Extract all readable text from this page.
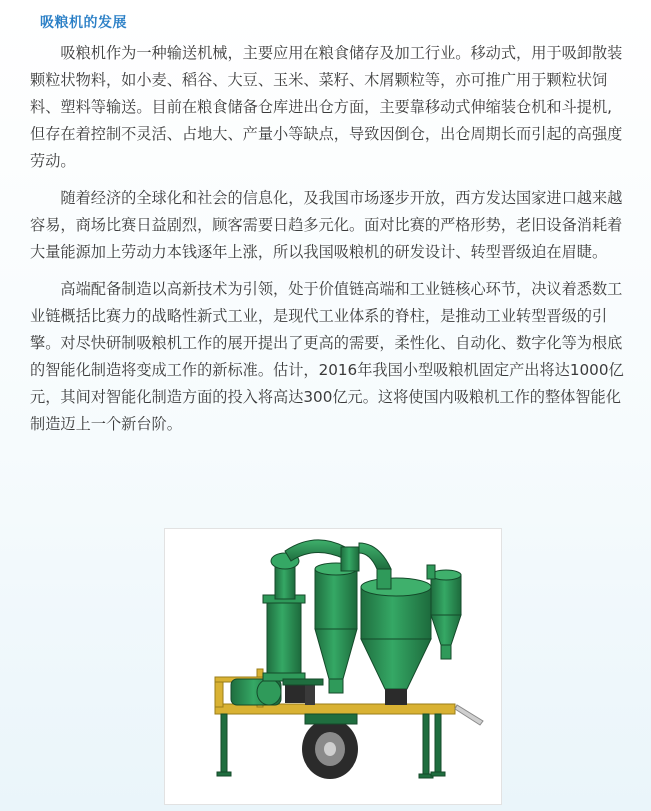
吸粮机的发展

吸粮机作为一种输送机械，主要应用在粮食储存及加工行业。移动式，用于吸卸散装颗粒状物料，如小麦、稻谷、大豆、玉米、菜籽、木屑颗粒等，亦可推广用于颗粒状饲料、塑料等输送。目前在粮食储备仓库进出仓方面，主要靠移动式伸缩装仓机和斗提机,但存在着控制不灵活、占地大、产量小等缺点，导致因倒仓，出仓周期长而引起的高强度劳动。

随着经济的全球化和社会的信息化，及我国市场逐步开放，西方发达国家进口越来越容易，商场比赛日益剧烈，顾客需要日趋多元化。面对比赛的严格形势，老旧设备消耗着大量能源加上劳动力本钱逐年上涨，所以我国吸粮机的研发设计、转型晋级迫在眉睫。

高端配备制造以高新技术为引领，处于价值链高端和工业链核心环节，决议着悉数工业链概括比赛力的战略性新式工业，是现代工业体系的脊柱，是推动工业转型晋级的引擎。对尽快研制吸粮机工作的展开提出了更高的需要，柔性化、自动化、数字化等为根底的智能化制造将变成工作的新标准。估计，2016年我国小型吸粮机固定产出将达1000亿元，其间对智能化制造方面的投入将高达300亿元。这将使国内吸粮机工作的整体智能化制造迈上一个新台阶。
